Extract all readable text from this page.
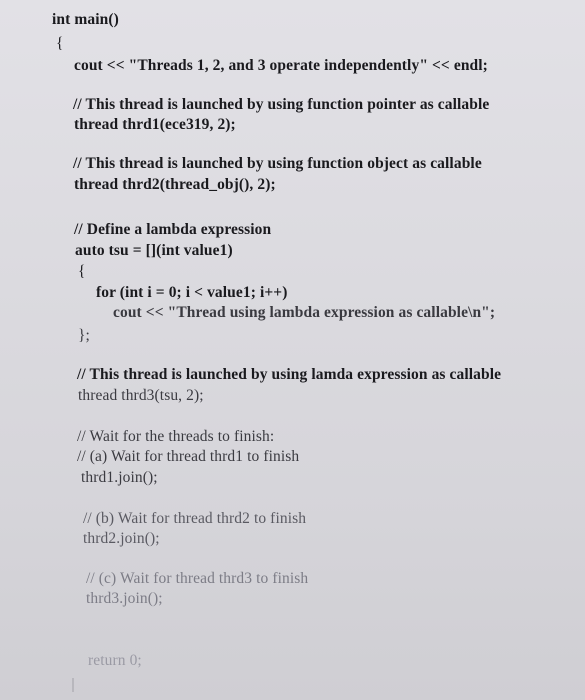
int main()
{
cout << "Threads 1, 2, and 3 operate independently" << endl;
// This thread is launched by using function pointer as callable
thread thrd1(ece319, 2);
// This thread is launched by using function object as callable
thread thrd2(thread_obj(), 2);
// Define a lambda expression
auto tsu = [](int value1)
{
for (int i = 0; i < value1; i++)
cout << "Thread using lambda expression as callable\n";
};
// This thread is launched by using lamda expression as callable
thread thrd3(tsu, 2);
// Wait for the threads to finish:
// (a) Wait for thread thrd1 to finish
thrd1.join();
// (b) Wait for thread thrd2 to finish
thrd2.join();
// (c) Wait for thread thrd3 to finish
thrd3.join();
return 0;
